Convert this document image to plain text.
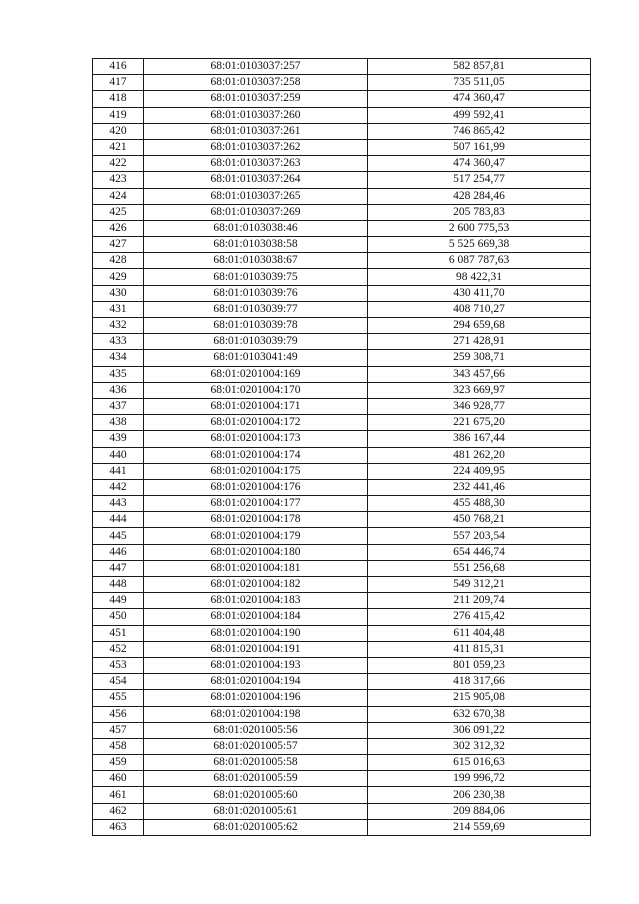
416	68:01:0103037:257	582 857,81
417	68:01:0103037:258	735 511,05
418	68:01:0103037:259	474 360,47
419	68:01:0103037:260	499 592,41
420	68:01:0103037:261	746 865,42
421	68:01:0103037:262	507 161,99
422	68:01:0103037:263	474 360,47
423	68:01:0103037:264	517 254,77
424	68:01:0103037:265	428 284,46
425	68:01:0103037:269	205 783,83
426	68:01:0103038:46	2 600 775,53
427	68:01:0103038:58	5 525 669,38
428	68:01:0103038:67	6 087 787,63
429	68:01:0103039:75	98 422,31
430	68:01:0103039:76	430 411,70
431	68:01:0103039:77	408 710,27
432	68:01:0103039:78	294 659,68
433	68:01:0103039:79	271 428,91
434	68:01:0103041:49	259 308,71
435	68:01:0201004:169	343 457,66
436	68:01:0201004:170	323 669,97
437	68:01:0201004:171	346 928,77
438	68:01:0201004:172	221 675,20
439	68:01:0201004:173	386 167,44
440	68:01:0201004:174	481 262,20
441	68:01:0201004:175	224 409,95
442	68:01:0201004:176	232 441,46
443	68:01:0201004:177	455 488,30
444	68:01:0201004:178	450 768,21
445	68:01:0201004:179	557 203,54
446	68:01:0201004:180	654 446,74
447	68:01:0201004:181	551 256,68
448	68:01:0201004:182	549 312,21
449	68:01:0201004:183	211 209,74
450	68:01:0201004:184	276 415,42
451	68:01:0201004:190	611 404,48
452	68:01:0201004:191	411 815,31
453	68:01:0201004:193	801 059,23
454	68:01:0201004:194	418 317,66
455	68:01:0201004:196	215 905,08
456	68:01:0201004:198	632 670,38
457	68:01:0201005:56	306 091,22
458	68:01:0201005:57	302 312,32
459	68:01:0201005:58	615 016,63
460	68:01:0201005:59	199 996,72
461	68:01:0201005:60	206 230,38
462	68:01:0201005:61	209 884,06
463	68:01:0201005:62	214 559,69
